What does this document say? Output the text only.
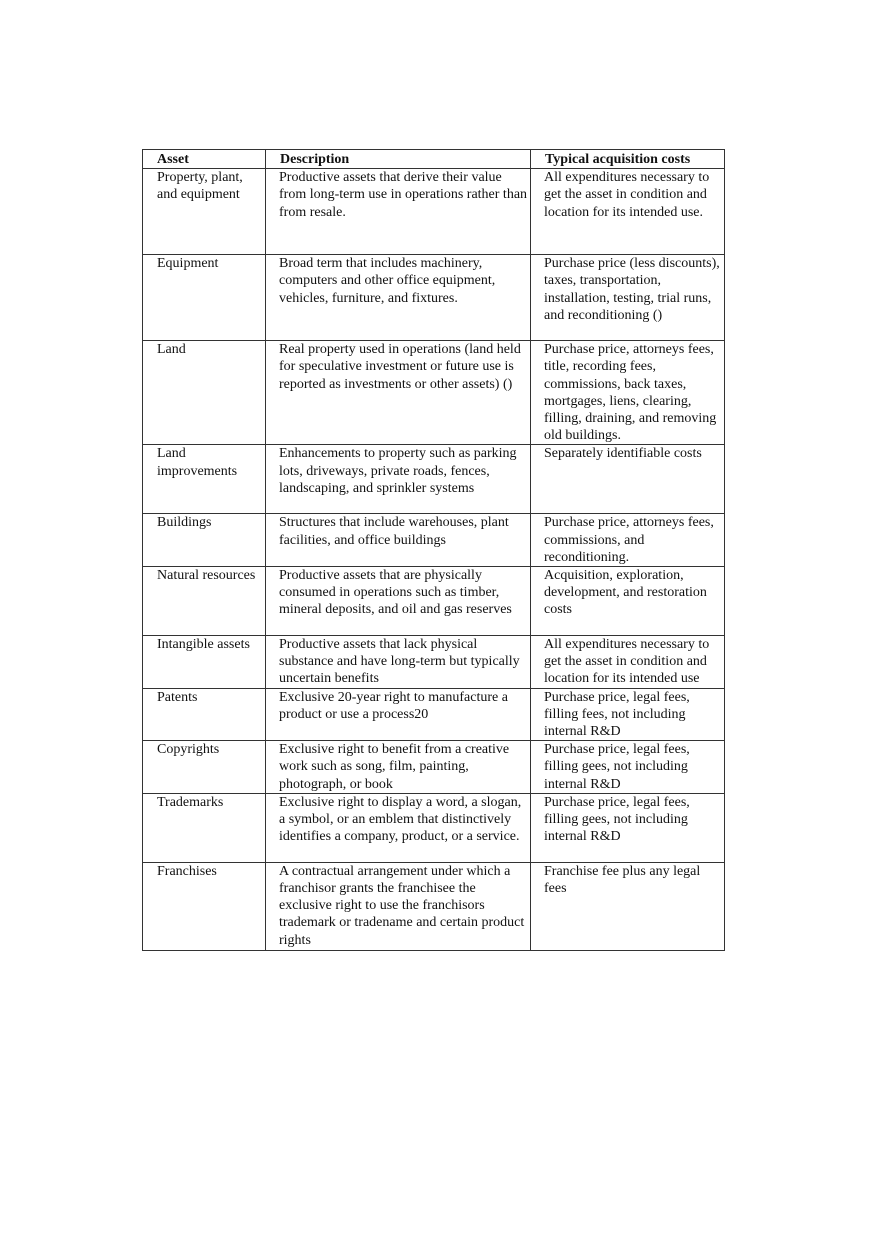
Asset	Description	Typical acquisition costs
Property, plant, and equipment	Productive assets that derive their value from long-term use in operations rather than from resale.	All expenditures necessary to get the asset in condition and location for its intended use.
Equipment	Broad term that includes machinery, computers and other office equipment, vehicles, furniture, and fixtures.	Purchase price (less discounts), taxes, transportation, installation, testing, trial runs, and reconditioning ()
Land	Real property used in operations (land held for speculative investment or future use is reported as investments or other assets) ()	Purchase price, attorneys fees, title, recording fees, commissions, back taxes, mortgages, liens, clearing, filling, draining, and removing old buildings.
Land improvements	Enhancements to property such as parking lots, driveways, private roads, fences, landscaping, and sprinkler systems	Separately identifiable costs
Buildings	Structures that include warehouses, plant facilities, and office buildings	Purchase price, attorneys fees, commissions, and reconditioning.
Natural resources	Productive assets that are physically consumed in operations such as timber, mineral deposits, and oil and gas reserves	Acquisition, exploration, development, and restoration costs
Intangible assets	Productive assets that lack physical substance and have long-term but typically uncertain benefits	All expenditures necessary to get the asset in condition and location for its intended use
Patents	Exclusive 20-year right to manufacture a product or use a process20	Purchase price, legal fees, filling fees, not including internal R&D
Copyrights	Exclusive right to benefit from a creative work such as song, film, painting, photograph, or book	Purchase price, legal fees, filling gees, not including internal R&D
Trademarks	Exclusive right to display a word, a slogan, a symbol, or an emblem that distinctively identifies a company, product, or a service.	Purchase price, legal fees, filling gees, not including internal R&D
Franchises	A contractual arrangement under which a franchisor grants the franchisee the exclusive right to use the franchisors trademark or tradename and certain product rights	Franchise fee plus any legal fees
